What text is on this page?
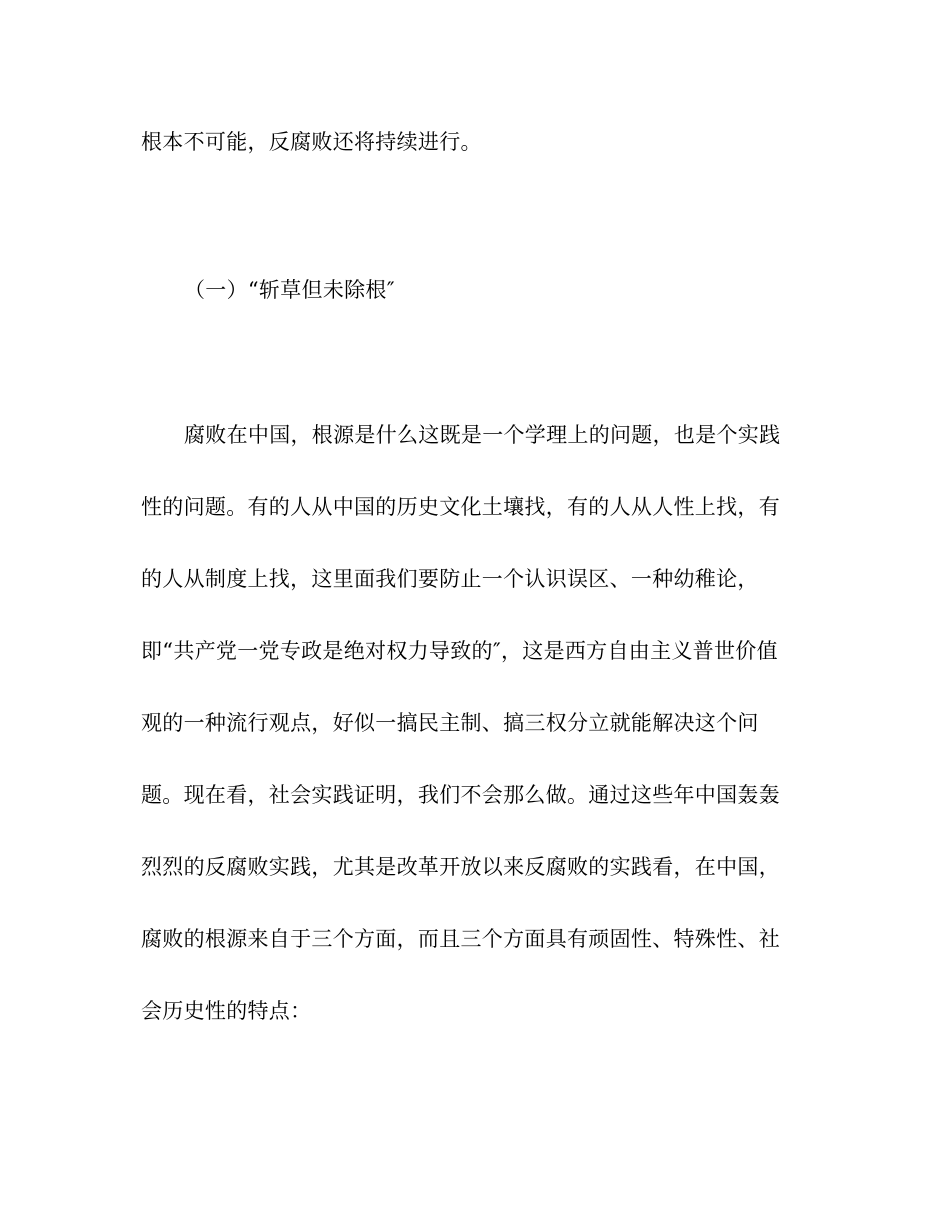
根本不可能，反腐败还将持续进行。
（一）“斩草但未除根″
腐败在中国，根源是什么这既是一个学理上的问题，也是个实践
性的问题。有的人从中国的历史文化土壤找，有的人从人性上找，有
的人从制度上找，这里面我们要防止一个认识误区、一种幼稚论，
即“共产党一党专政是绝对权力导致的″，这是西方自由主义普世价值
观的一种流行观点，好似一搞民主制、搞三权分立就能解决这个问
题。现在看，社会实践证明，我们不会那么做。通过这些年中国轰轰
烈烈的反腐败实践，尤其是改革开放以来反腐败的实践看，在中国，
腐败的根源来自于三个方面，而且三个方面具有顽固性、特殊性、社
会历史性的特点：
